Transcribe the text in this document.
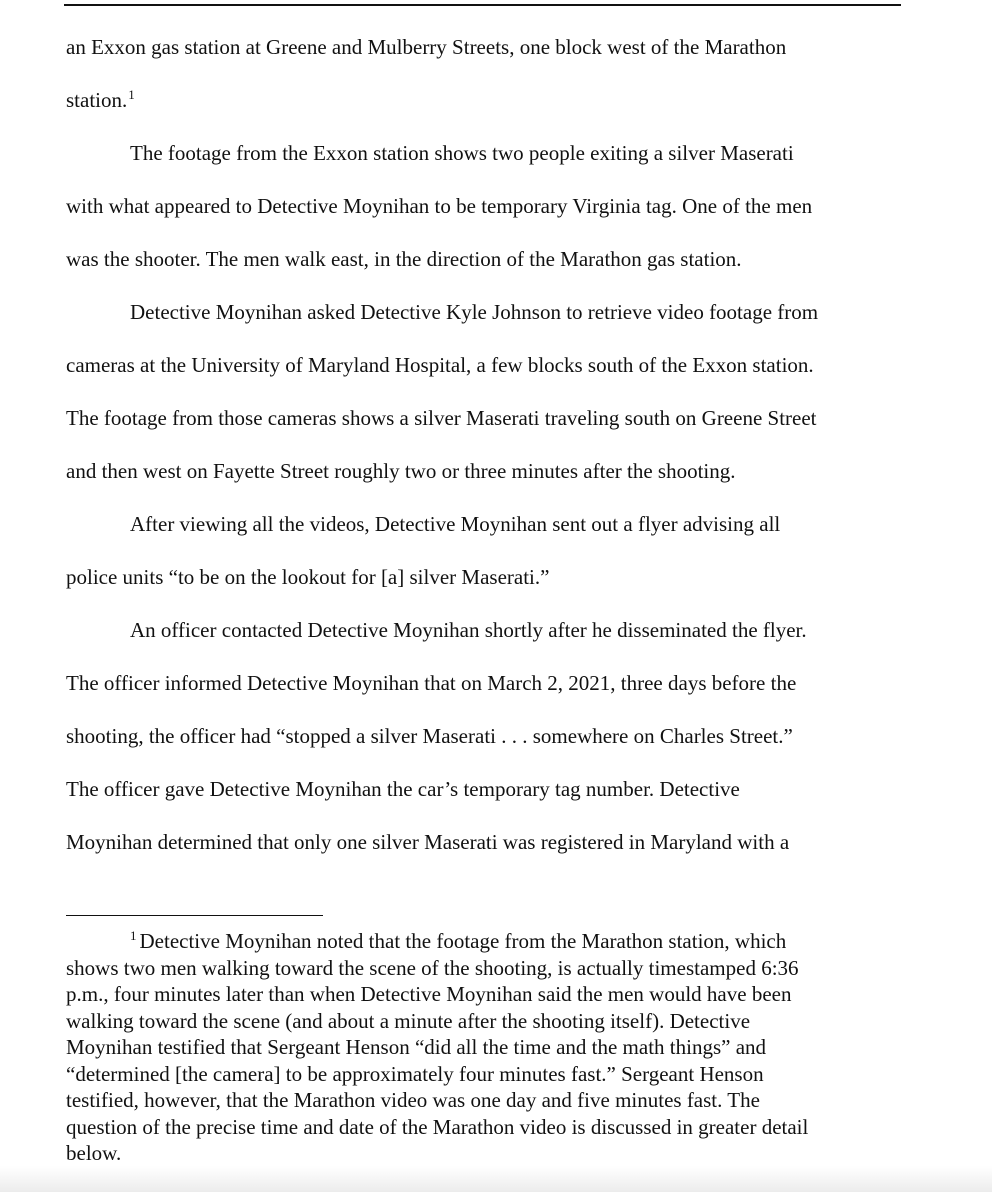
an Exxon gas station at Greene and Mulberry Streets, one block west of the Marathon
station.$^1$
The footage from the Exxon station shows two people exiting a silver Maserati
with what appeared to Detective Moynihan to be temporary Virginia tag. One of the men
was the shooter. The men walk east, in the direction of the Marathon gas station.
Detective Moynihan asked Detective Kyle Johnson to retrieve video footage from
cameras at the University of Maryland Hospital, a few blocks south of the Exxon station.
The footage from those cameras shows a silver Maserati traveling south on Greene Street
and then west on Fayette Street roughly two or three minutes after the shooting.
After viewing all the videos, Detective Moynihan sent out a flyer advising all
police units “to be on the lookout for [a] silver Maserati.”
An officer contacted Detective Moynihan shortly after he disseminated the flyer.
The officer informed Detective Moynihan that on March 2, 2021, three days before the
shooting, the officer had “stopped a silver Maserati . . . somewhere on Charles Street.”
The officer gave Detective Moynihan the car’s temporary tag number. Detective
Moynihan determined that only one silver Maserati was registered in Maryland with a
$^1$ Detective Moynihan noted that the footage from the Marathon station, which
shows two men walking toward the scene of the shooting, is actually timestamped 6:36
p.m., four minutes later than when Detective Moynihan said the men would have been
walking toward the scene (and about a minute after the shooting itself). Detective
Moynihan testified that Sergeant Henson “did all the time and the math things” and
“determined [the camera] to be approximately four minutes fast.” Sergeant Henson
testified, however, that the Marathon video was one day and five minutes fast. The
question of the precise time and date of the Marathon video is discussed in greater detail
below.
